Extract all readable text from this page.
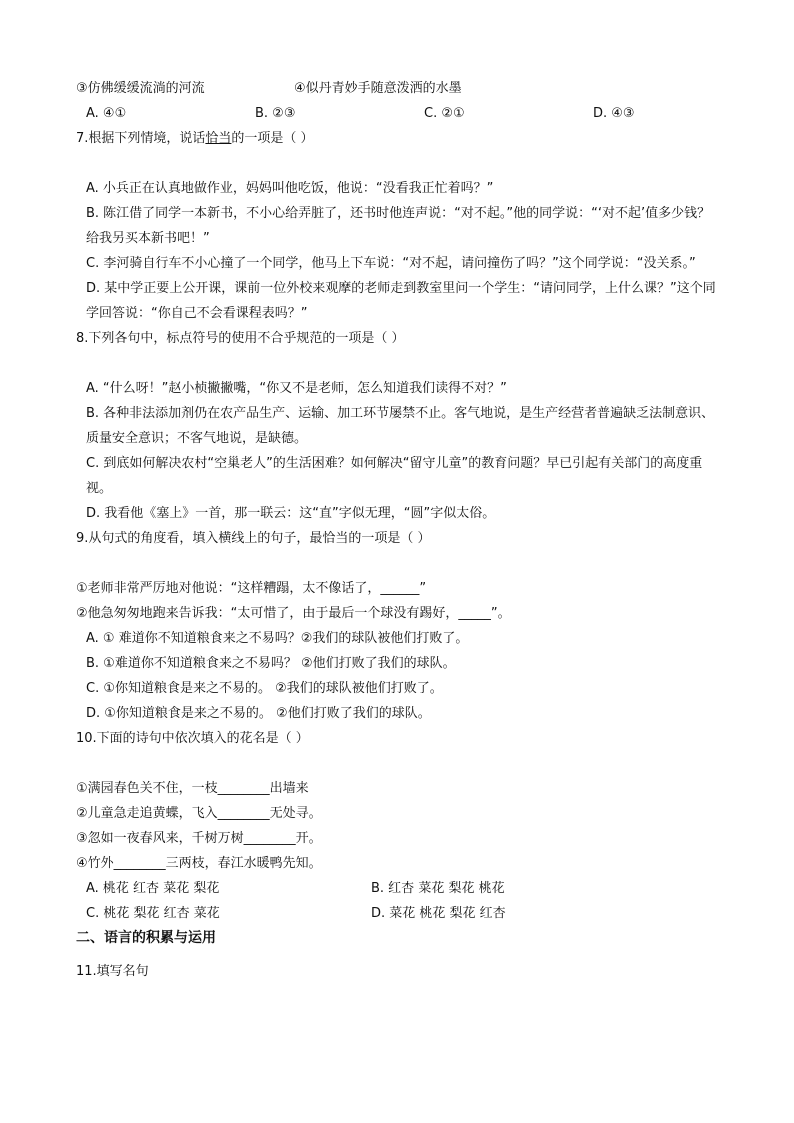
③仿佛缓缓流淌的河流	④似丹青妙手随意泼洒的水墨
A. ④①	B. ②③	C. ②①	D. ④③
7.根据下列情境，说话恰当的一项是（ ）
A. 小兵正在认真地做作业，妈妈叫他吃饭，他说：“没看我正忙着吗？”
B. 陈江借了同学一本新书，不小心给弄脏了，还书时他连声说：“对不起。”他的同学说：“‘对不起’值多少钱？给我另买本新书吧！”
C. 李河骑自行车不小心撞了一个同学，他马上下车说：“对不起，请问撞伤了吗？”这个同学说：“没关系。”
D. 某中学正要上公开课，课前一位外校来观摩的老师走到教室里问一个学生：“请问同学，上什么课？”这个同学回答说：“你自己不会看课程表吗？”
8.下列各句中，标点符号的使用不合乎规范的一项是（ ）
A. “什么呀！”赵小桢撇撇嘴，“你又不是老师，怎么知道我们读得不对？”
B. 各种非法添加剂仍在农产品生产、运输、加工环节屡禁不止。客气地说，是生产经营者普遍缺乏法制意识、质量安全意识；不客气地说，是缺德。
C. 到底如何解决农村“空巢老人”的生活困难？如何解决“留守儿童”的教育问题？早已引起有关部门的高度重视。
D. 我看他《塞上》一首，那一联云：这“直”字似无理，“圆”字似太俗。
9.从句式的角度看，填入横线上的句子，最恰当的一项是（ ）
①老师非常严厉地对他说：“这样糟蹋，太不像话了，______”
②他急匆匆地跑来告诉我：“太可惜了，由于最后一个球没有踢好，_____”。
A. ① 难道你不知道粮食来之不易吗？②我们的球队被他们打败了。
B. ①难道你不知道粮食来之不易吗？ ②他们打败了我们的球队。
C. ①你知道粮食是来之不易的。 ②我们的球队被他们打败了。
D. ①你知道粮食是来之不易的。 ②他们打败了我们的球队。
10.下面的诗句中依次填入的花名是（ ）
①满园春色关不住，一枝________出墙来
②儿童急走追黄蝶，飞入________无处寻。
③忽如一夜春风来，千树万树________开。
④竹外________三两枝，春江水暖鸭先知。
A. 桃花 红杏 菜花 梨花	B. 红杏 菜花 梨花 桃花
C. 桃花 梨花 红杏 菜花	D. 菜花 桃花 梨花 红杏
二、语言的积累与运用
11.填写名句
